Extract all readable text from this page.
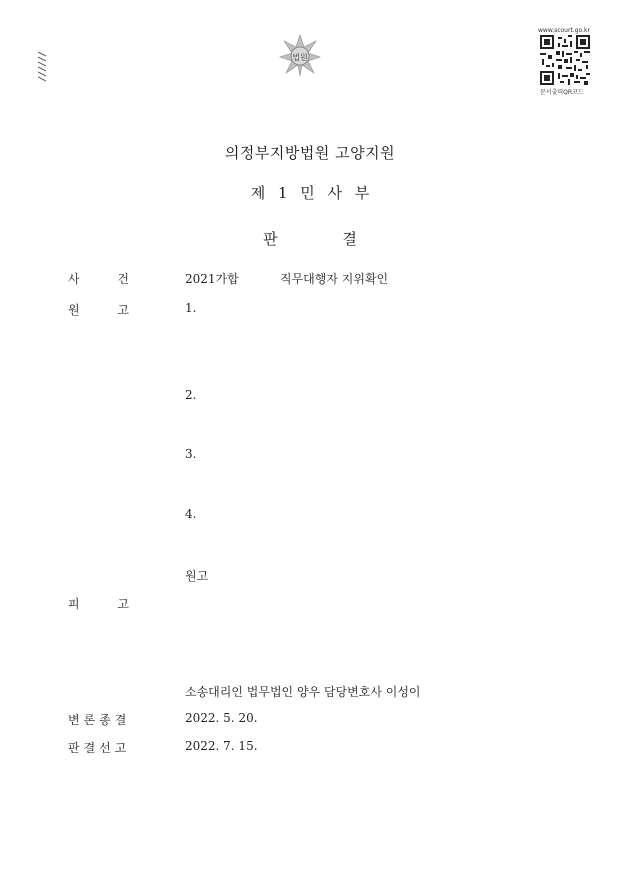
법원
www.scourt.go.kr
문서출력QR코드
의정부지방법원 고양지원
제 1 민 사 부
판 결
사 건	2021가합	직무대행자 지위확인
원 고	1.
2.
3.
4.
원고
피 고
소송대리인 법무법인 양우 담당변호사 이성이
변론종결	2022. 5. 20.
판결선고	2022. 7. 15.
